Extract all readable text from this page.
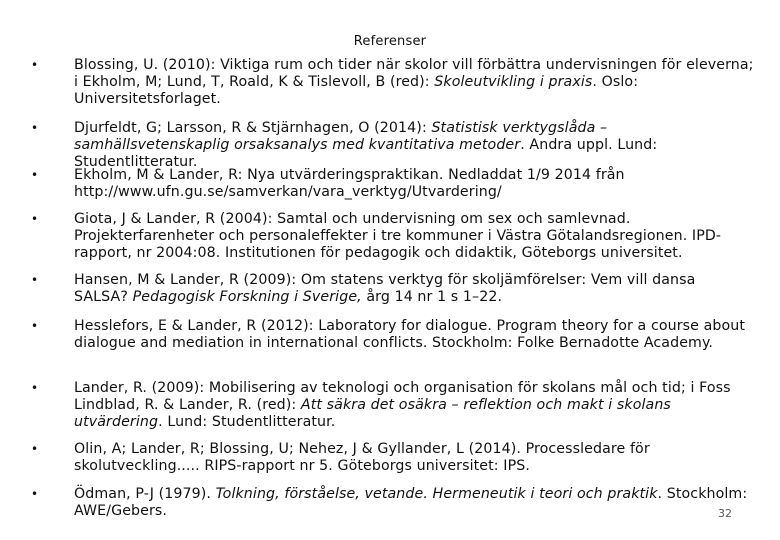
Referenser
•	Blossing, U. (2010): Viktiga rum och tider när skolor vill förbättra undervisningen för eleverna; i Ekholm, M; Lund, T, Roald, K & Tislevoll, B (red): Skoleutvikling i praxis. Oslo: Universitetsforlaget.
•	Djurfeldt, G; Larsson, R & Stjärnhagen, O (2014): Statistisk verktygslåda – samhällsvetenskaplig orsaksanalys med kvantitativa metoder. Andra uppl. Lund: Studentlitteratur.
•	Ekholm, M & Lander, R: Nya utvärderingspraktikan. Nedladdat 1/9 2014 från http://www.ufn.gu.se/samverkan/vara_verktyg/Utvardering/
•	Giota, J & Lander, R (2004): Samtal och undervisning om sex och samlevnad. Projekterfarenheter och personaleffekter i tre kommuner i Västra Götalandsregionen. IPD-rapport, nr 2004:08. Institutionen för pedagogik och didaktik, Göteborgs universitet.
•	Hansen, M & Lander, R (2009): Om statens verktyg för skoljämförelser: Vem vill dansa SALSA? Pedagogisk Forskning i Sverige, årg 14 nr 1 s 1–22.
•	Hesslefors, E & Lander, R (2012): Laboratory for dialogue. Program theory for a course about dialogue and mediation in international conflicts. Stockholm: Folke Bernadotte Academy.
•	Lander, R. (2009): Mobilisering av teknologi och organisation för skolans mål och tid; i Foss Lindblad, R. & Lander, R. (red): Att säkra det osäkra – reflektion och makt i skolans utvärdering. Lund: Studentlitteratur.
•	Olin, A; Lander, R; Blossing, U; Nehez, J & Gyllander, L (2014). Processledare för skolutveckling..... RIPS-rapport nr 5. Göteborgs universitet: IPS.
•	Ödman, P-J (1979). Tolkning, förståelse, vetande. Hermeneutik i teori och praktik. Stockholm: AWE/Gebers.	32
